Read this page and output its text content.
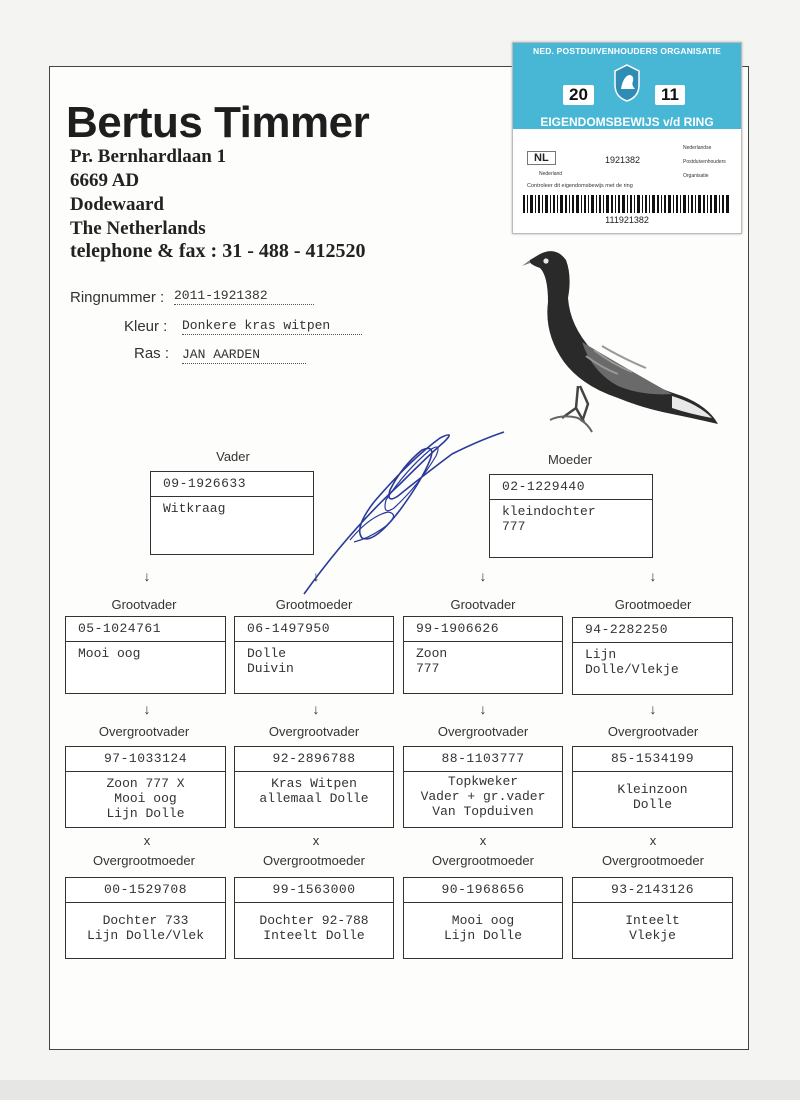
Bertus Timmer
Pr. Bernhardlaan 1
6669 AD
Dodewaard
The Netherlands
telephone & fax : 31 - 488 - 412520
NED. POSTDUIVENHOUDERS ORGANISATIE
20	11
EIGENDOMSBEWIJS v/d RING
NL	1921382
Nederland
Controleer dit eigendomsbewijs met de ring
Nederlandse
Postduivenhouders
Organisatie
111921382
Ringnummer : 2011-1921382
Kleur : Donkere kras witpen
Ras : JAN AARDEN
Vader
09-1926633
Witkraag
Moeder
02-1229440
kleindochter
777
↓	↓	↓	↓
Grootvader
05-1024761
Mooi oog
Grootmoeder
06-1497950
Dolle
Duivin
Grootvader
99-1906626
Zoon
777
Grootmoeder
94-2282250
Lijn
Dolle/Vlekje
↓	↓	↓	↓
Overgrootvader
97-1033124
Zoon 777 X
Mooi oog
Lijn Dolle
Overgrootvader
92-2896788
Kras Witpen
allemaal Dolle
Overgrootvader
88-1103777
Topkweker
Vader + gr.vader
Van Topduiven
Overgrootvader
85-1534199
Kleinzoon
Dolle
x	x	x	x
Overgrootmoeder
00-1529708
Dochter 733
Lijn Dolle/Vlek
Overgrootmoeder
99-1563000
Dochter 92-788
Inteelt Dolle
Overgrootmoeder
90-1968656
Mooi oog
Lijn Dolle
Overgrootmoeder
93-2143126
Inteelt
Vlekje
